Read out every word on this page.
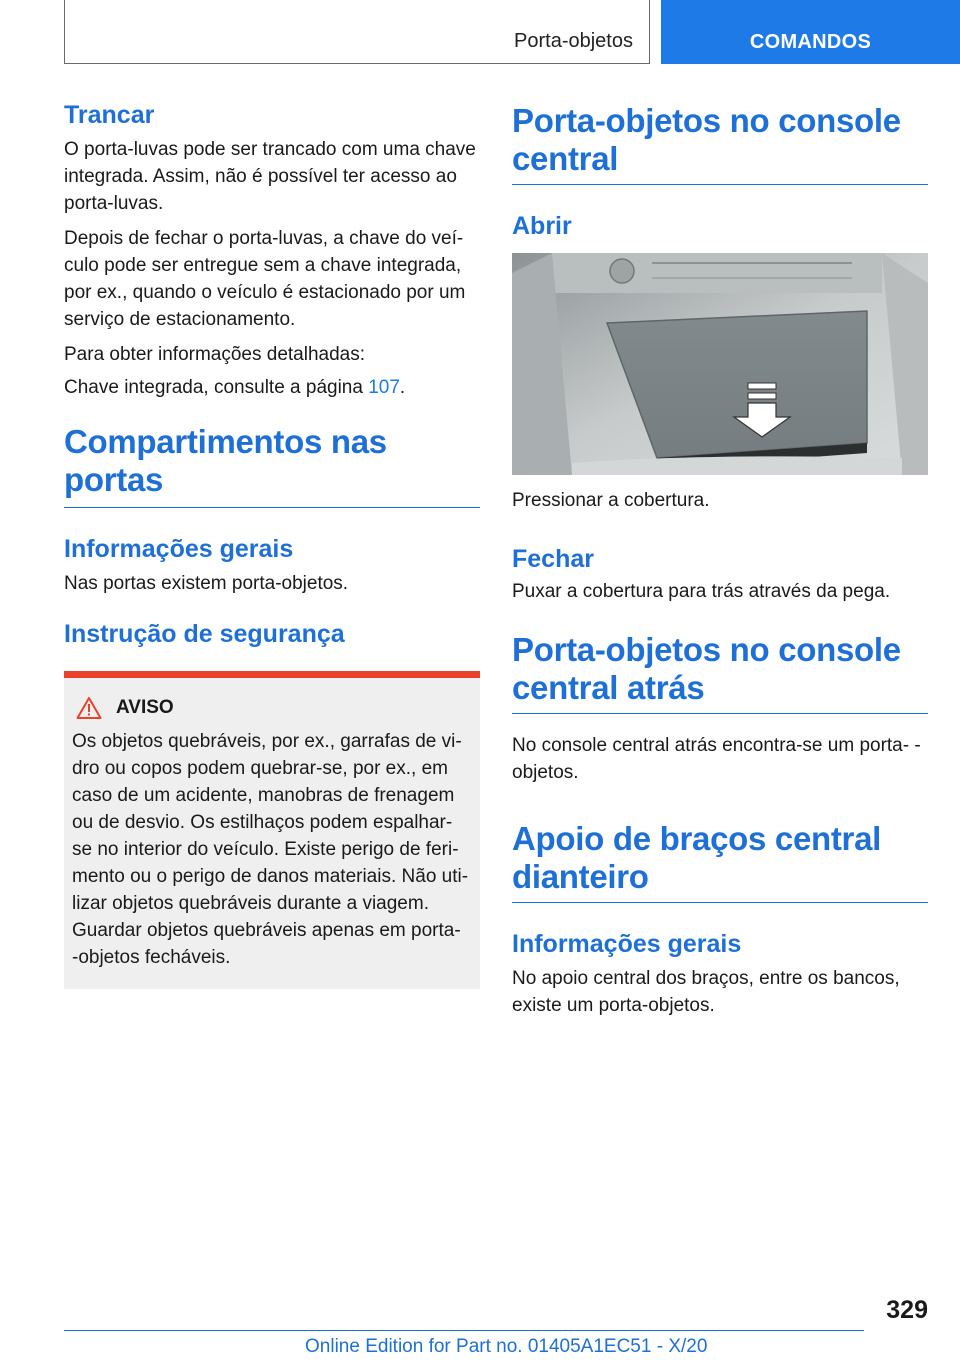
Porta-objetos	COMANDOS
Trancar

O porta-luvas pode ser trancado com uma chave integrada. Assim, não é possível ter acesso ao porta-luvas.

Depois de fechar o porta-luvas, a chave do veí- culo pode ser entregue sem a chave integrada, por ex., quando o veículo é estacionado por um serviço de estacionamento.

Para obter informações detalhadas:

Chave integrada, consulte a página 107.

Compartimentos nas portas
Informações gerais

Nas portas existem porta-objetos.

Instrução de segurança
AVISO

Os objetos quebráveis, por ex., garrafas de vi- dro ou copos podem quebrar-se, por ex., em caso de um acidente, manobras de frenagem ou de desvio. Os estilhaços podem espalhar-se no interior do veículo. Existe perigo de feri- mento ou o perigo de danos materiais. Não uti- lizar objetos quebráveis durante a viagem. Guardar objetos quebráveis apenas em porta- -objetos fecháveis.

Porta-objetos no console central
Abrir

Pressionar a cobertura.

Fechar

Puxar a cobertura para trás através da pega.

Porta-objetos no console central atrás

No console central atrás encontra-se um porta- -objetos.

Apoio de braços central dianteiro
Informações gerais

No apoio central dos braços, entre os bancos, existe um porta-objetos.

329
Online Edition for Part no. 01405A1EC51 - X/20
